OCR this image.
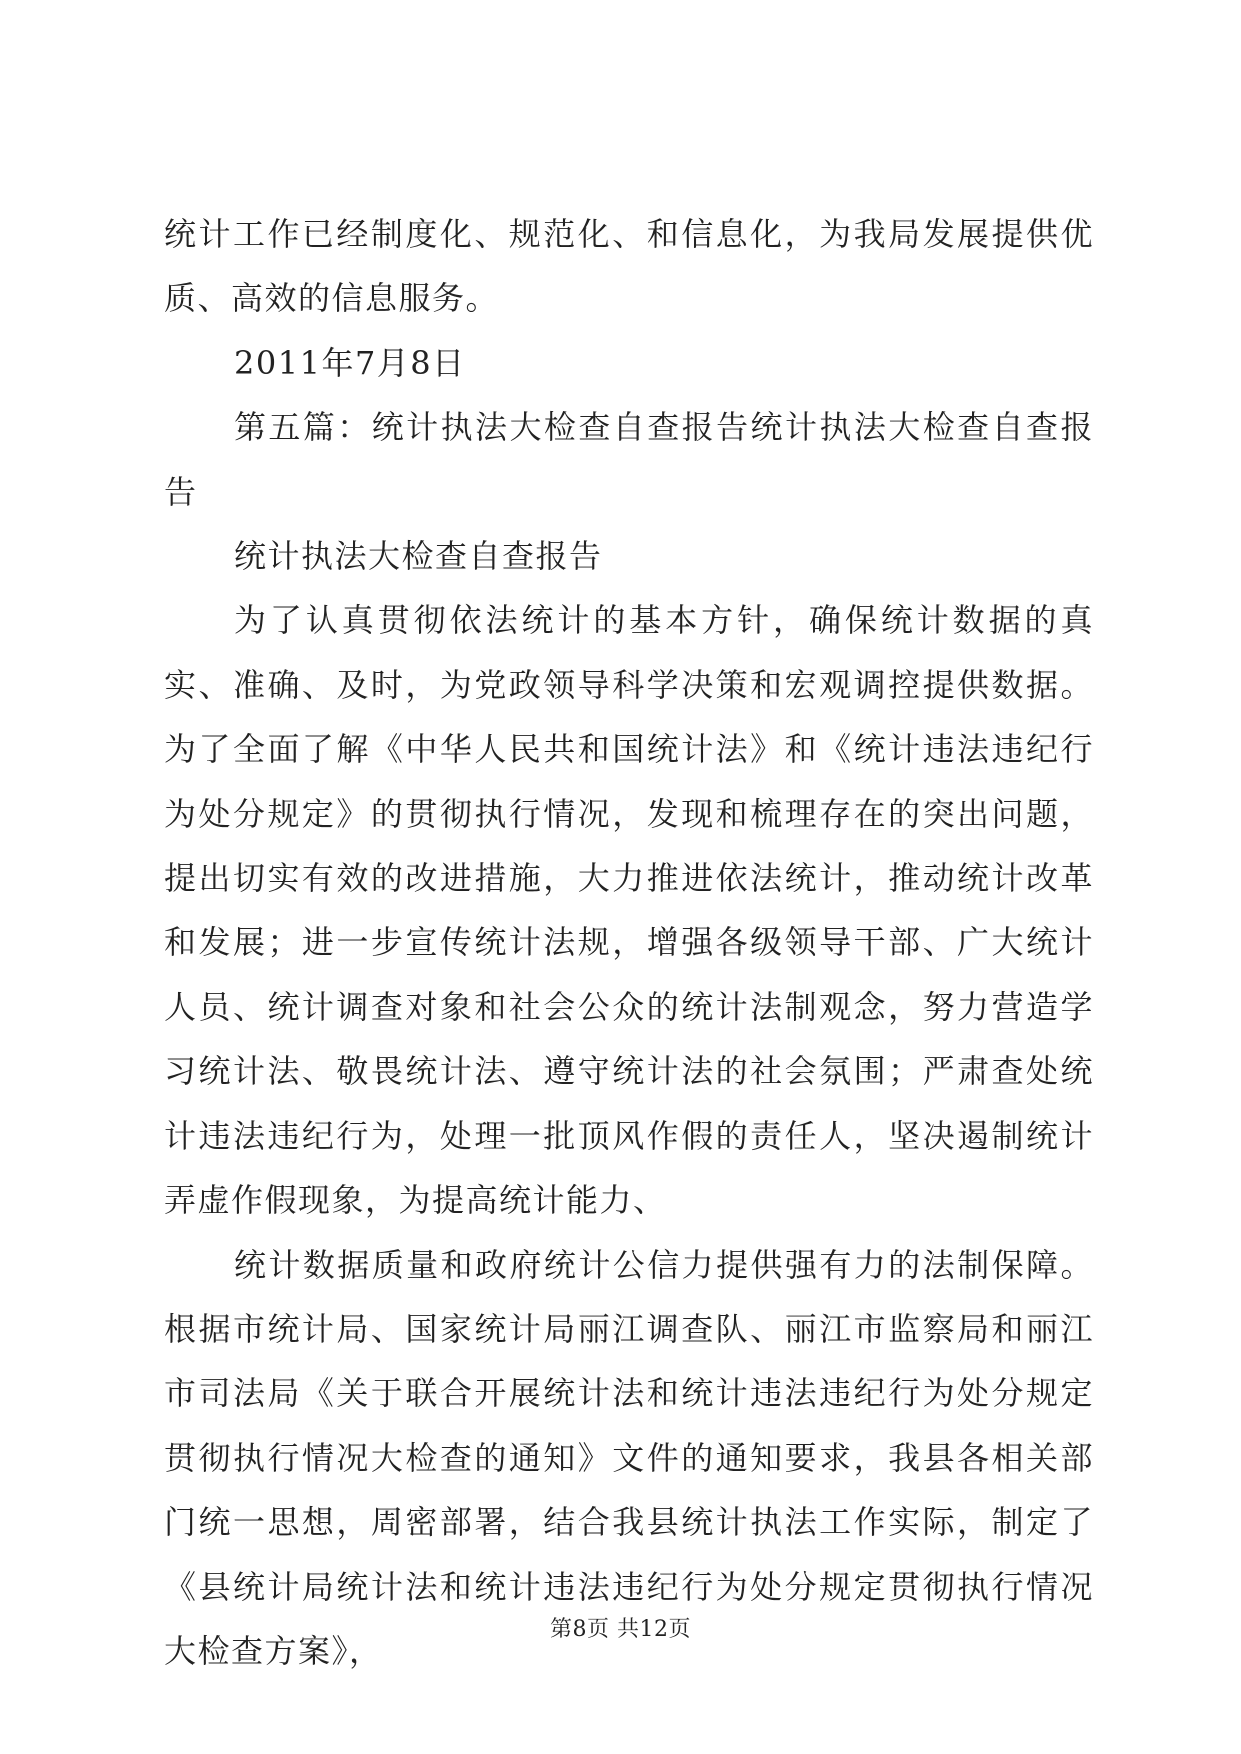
统计工作已经制度化、规范化、和信息化，为我局发展提供优质、高效的信息服务。

2011年7月8日

第五篇：统计执法大检查自查报告统计执法大检查自查报告

统计执法大检查自查报告

为了认真贯彻依法统计的基本方针，确保统计数据的真实、准确、及时，为党政领导科学决策和宏观调控提供数据。为了全面了解《中华人民共和国统计法》和《统计违法违纪行为处分规定》的贯彻执行情况，发现和梳理存在的突出问题，提出切实有效的改进措施，大力推进依法统计，推动统计改革和发展；进一步宣传统计法规，增强各级领导干部、广大统计人员、统计调查对象和社会公众的统计法制观念，努力营造学习统计法、敬畏统计法、遵守统计法的社会氛围；严肃查处统计违法违纪行为，处理一批顶风作假的责任人，坚决遏制统计弄虚作假现象，为提高统计能力、

统计数据质量和政府统计公信力提供强有力的法制保障。根据市统计局、国家统计局丽江调查队、丽江市监察局和丽江市司法局《关于联合开展统计法和统计违法违纪行为处分规定贯彻执行情况大检查的通知》文件的通知要求，我县各相关部门统一思想，周密部署，结合我县统计执法工作实际，制定了《县统计局统计法和统计违法违纪行为处分规定贯彻执行情况大检查方案》，

第8页 共12页
